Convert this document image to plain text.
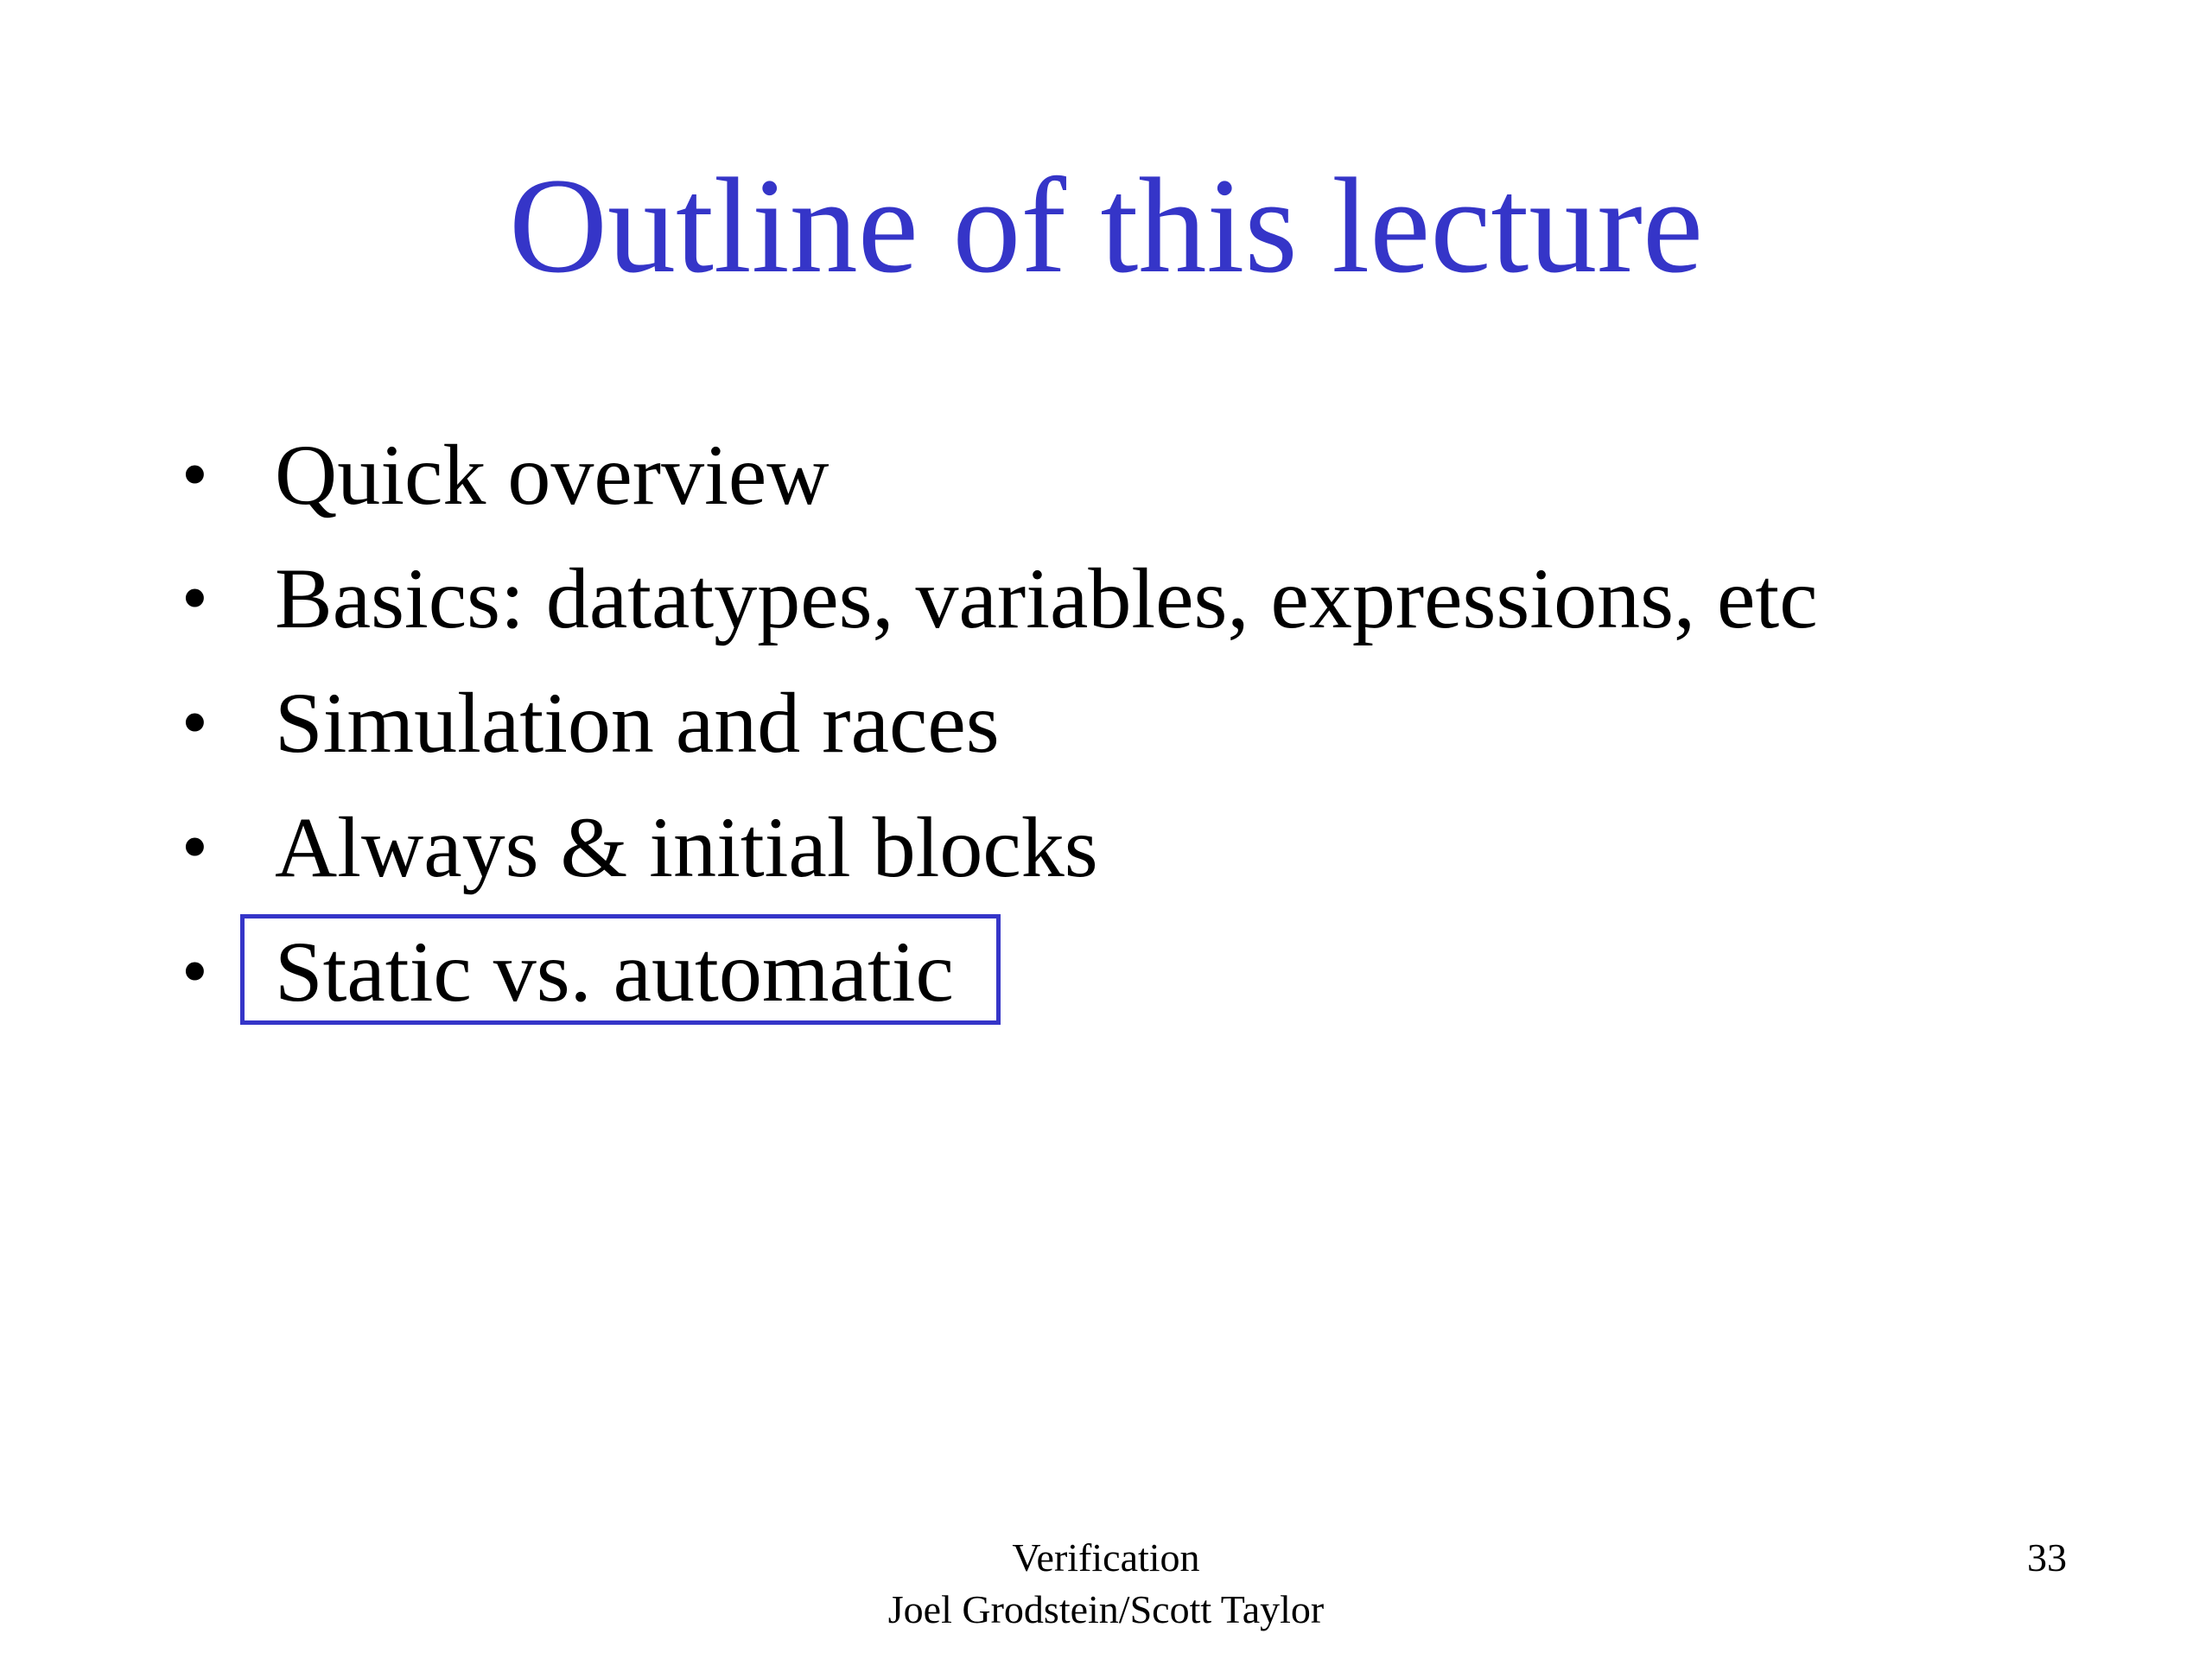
Outline of this lecture
• Quick overview
• Basics: datatypes, variables, expressions, etc
• Simulation and races
• Always & initial blocks
• Static vs. automatic
Verification
Joel Grodstein/Scott Taylor
33
